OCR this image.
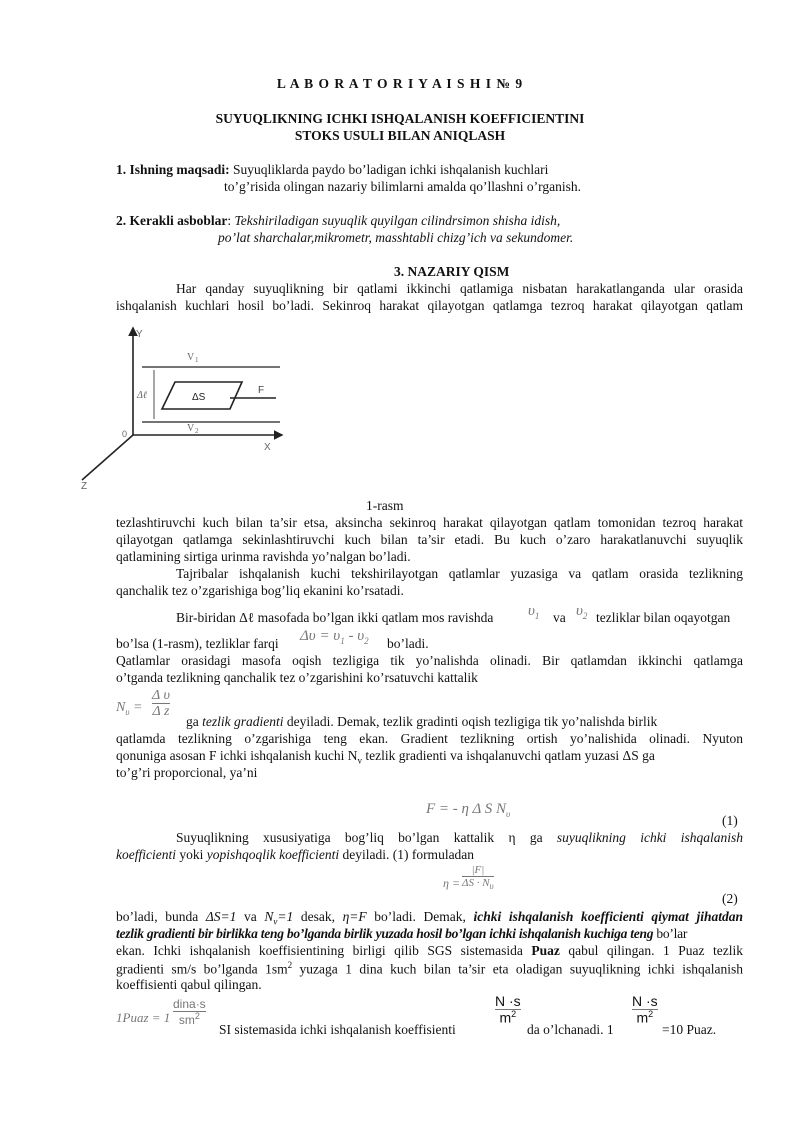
L A B O R A T O R I Y A I S H I № 9
SUYUQLIKNING ICHKI ISHQALANISH KOEFFICIENTINI
STOKS USULI BILAN ANIQLASH
1. Ishning maqsadi: Suyuqliklarda paydo bo’ladigan ichki ishqalanish kuchlari
to’g’risida olingan nazariy bilimlarni amalda qo’llashni o’rganish.
2. Kerakli asboblar: Tekshiriladigan suyuqlik quyilgan cilindrsimon shisha idish,
po’lat sharchalar,mikrometr, masshtabli chizg’ich va sekundomer.
3. NAZARIY QISM
Har qanday suyuqlikning bir qatlami ikkinchi qatlamiga nisbatan harakatlanganda ular orasida
ishqalanish kuchlari hosil bo’ladi. Sekinroq harakat qilayotgan qatlamga tezroq harakat qilayotgan qatlam
Y
X
Z
0
V 1
V 2
Δℓ	ΔS
F
1-rasm
tezlashtiruvchi kuch bilan ta’sir etsa, aksincha sekinroq harakat qilayotgan qatlam tomonidan tezroq harakat
qilayotgan qatlamga sekinlashtiruvchi kuch bilan ta’sir etadi. Bu kuch o’zaro harakatlanuvchi suyuqlik
qatlamining sirtiga urinma ravishda yo’nalgan bo’ladi.
Tajribalar ishqalanish kuchi tekshirilayotgan qatlamlar yuzasiga va qatlam orasida tezlikning
qanchalik tez o’zgarishiga bog’liq ekanini ko’rsatadi.
Bir-biridan Δℓ masofada bo’lgan ikki qatlam mos ravishda $\upsilon_1$ va $\upsilon_2$ tezliklar bilan oqayotgan
bo’lsa (1-rasm), tezliklar farqi $\Delta\upsilon = \upsilon_1 - \upsilon_2$ bo’ladi.
Qatlamlar orasidagi masofa oqish tezligiga tik yo’nalishda olinadi. Bir qatlamdan ikkinchi qatlamga
o’tganda tezlikning qanchalik tez o’zgarishini ko’rsatuvchi kattalik
$N_\upsilon = \frac{\text{Δ υ}}{\text{Δ z}}$
ga tezlik gradienti deyiladi. Demak, tezlik gradinti oqish tezligiga tik yo’nalishda birlik
qatlamda tezlikning o’zgarishiga teng ekan. Gradient tezlikning ortish yo’nalishida olinadi. Nyuton
qonuniga asosan F ichki ishqalanish kuchi $N_v$ tezlik gradienti va ishqalanuvchi qatlam yuzasi ΔS ga
to’g’ri proporcional, ya’ni
F = - η Δ S $N_\upsilon$	(1)
Suyuqlikning xususiyatiga bog’liq bo’lgan kattalik η ga suyuqlikning ichki ishqalanish
koefficienti yoki yopishqoqlik koefficienti deyiladi. (1) formuladan
$\eta = \frac{|F|}{\Delta S \cdot N_\upsilon}$
(2)
bo’ladi, bunda ΔS=1 va $N_v=1$ desak, η=F bo’ladi. Demak, ichki ishqalanish koefficienti qiymat jihatdan
tezlik gradienti bir birlikka teng bo’lganda birlik yuzada hosil bo’lgan ichki ishqalanish kuchiga teng bo’lar
ekan. Ichki ishqalanish koeffisientining birligi qilib SGS sistemasida Puaz qabul qilingan. 1 Puaz tezlik
gradienti sm/s bo’lganda $1sm^2$ yuzaga 1 dina kuch bilan ta’sir eta oladigan suyuqlikning ichki ishqalanish
koeffisienti qabul qilingan.
1Puaz = $1 \frac{\text{dina·s}}{sm^2}$
SI sistemasida ichki ishqalanish koeffisienti
$\frac{N \cdot s}{m^2}$
da o’lchanadi. 1
$\frac{N \cdot s}{m^2}$
=10 Puaz.
